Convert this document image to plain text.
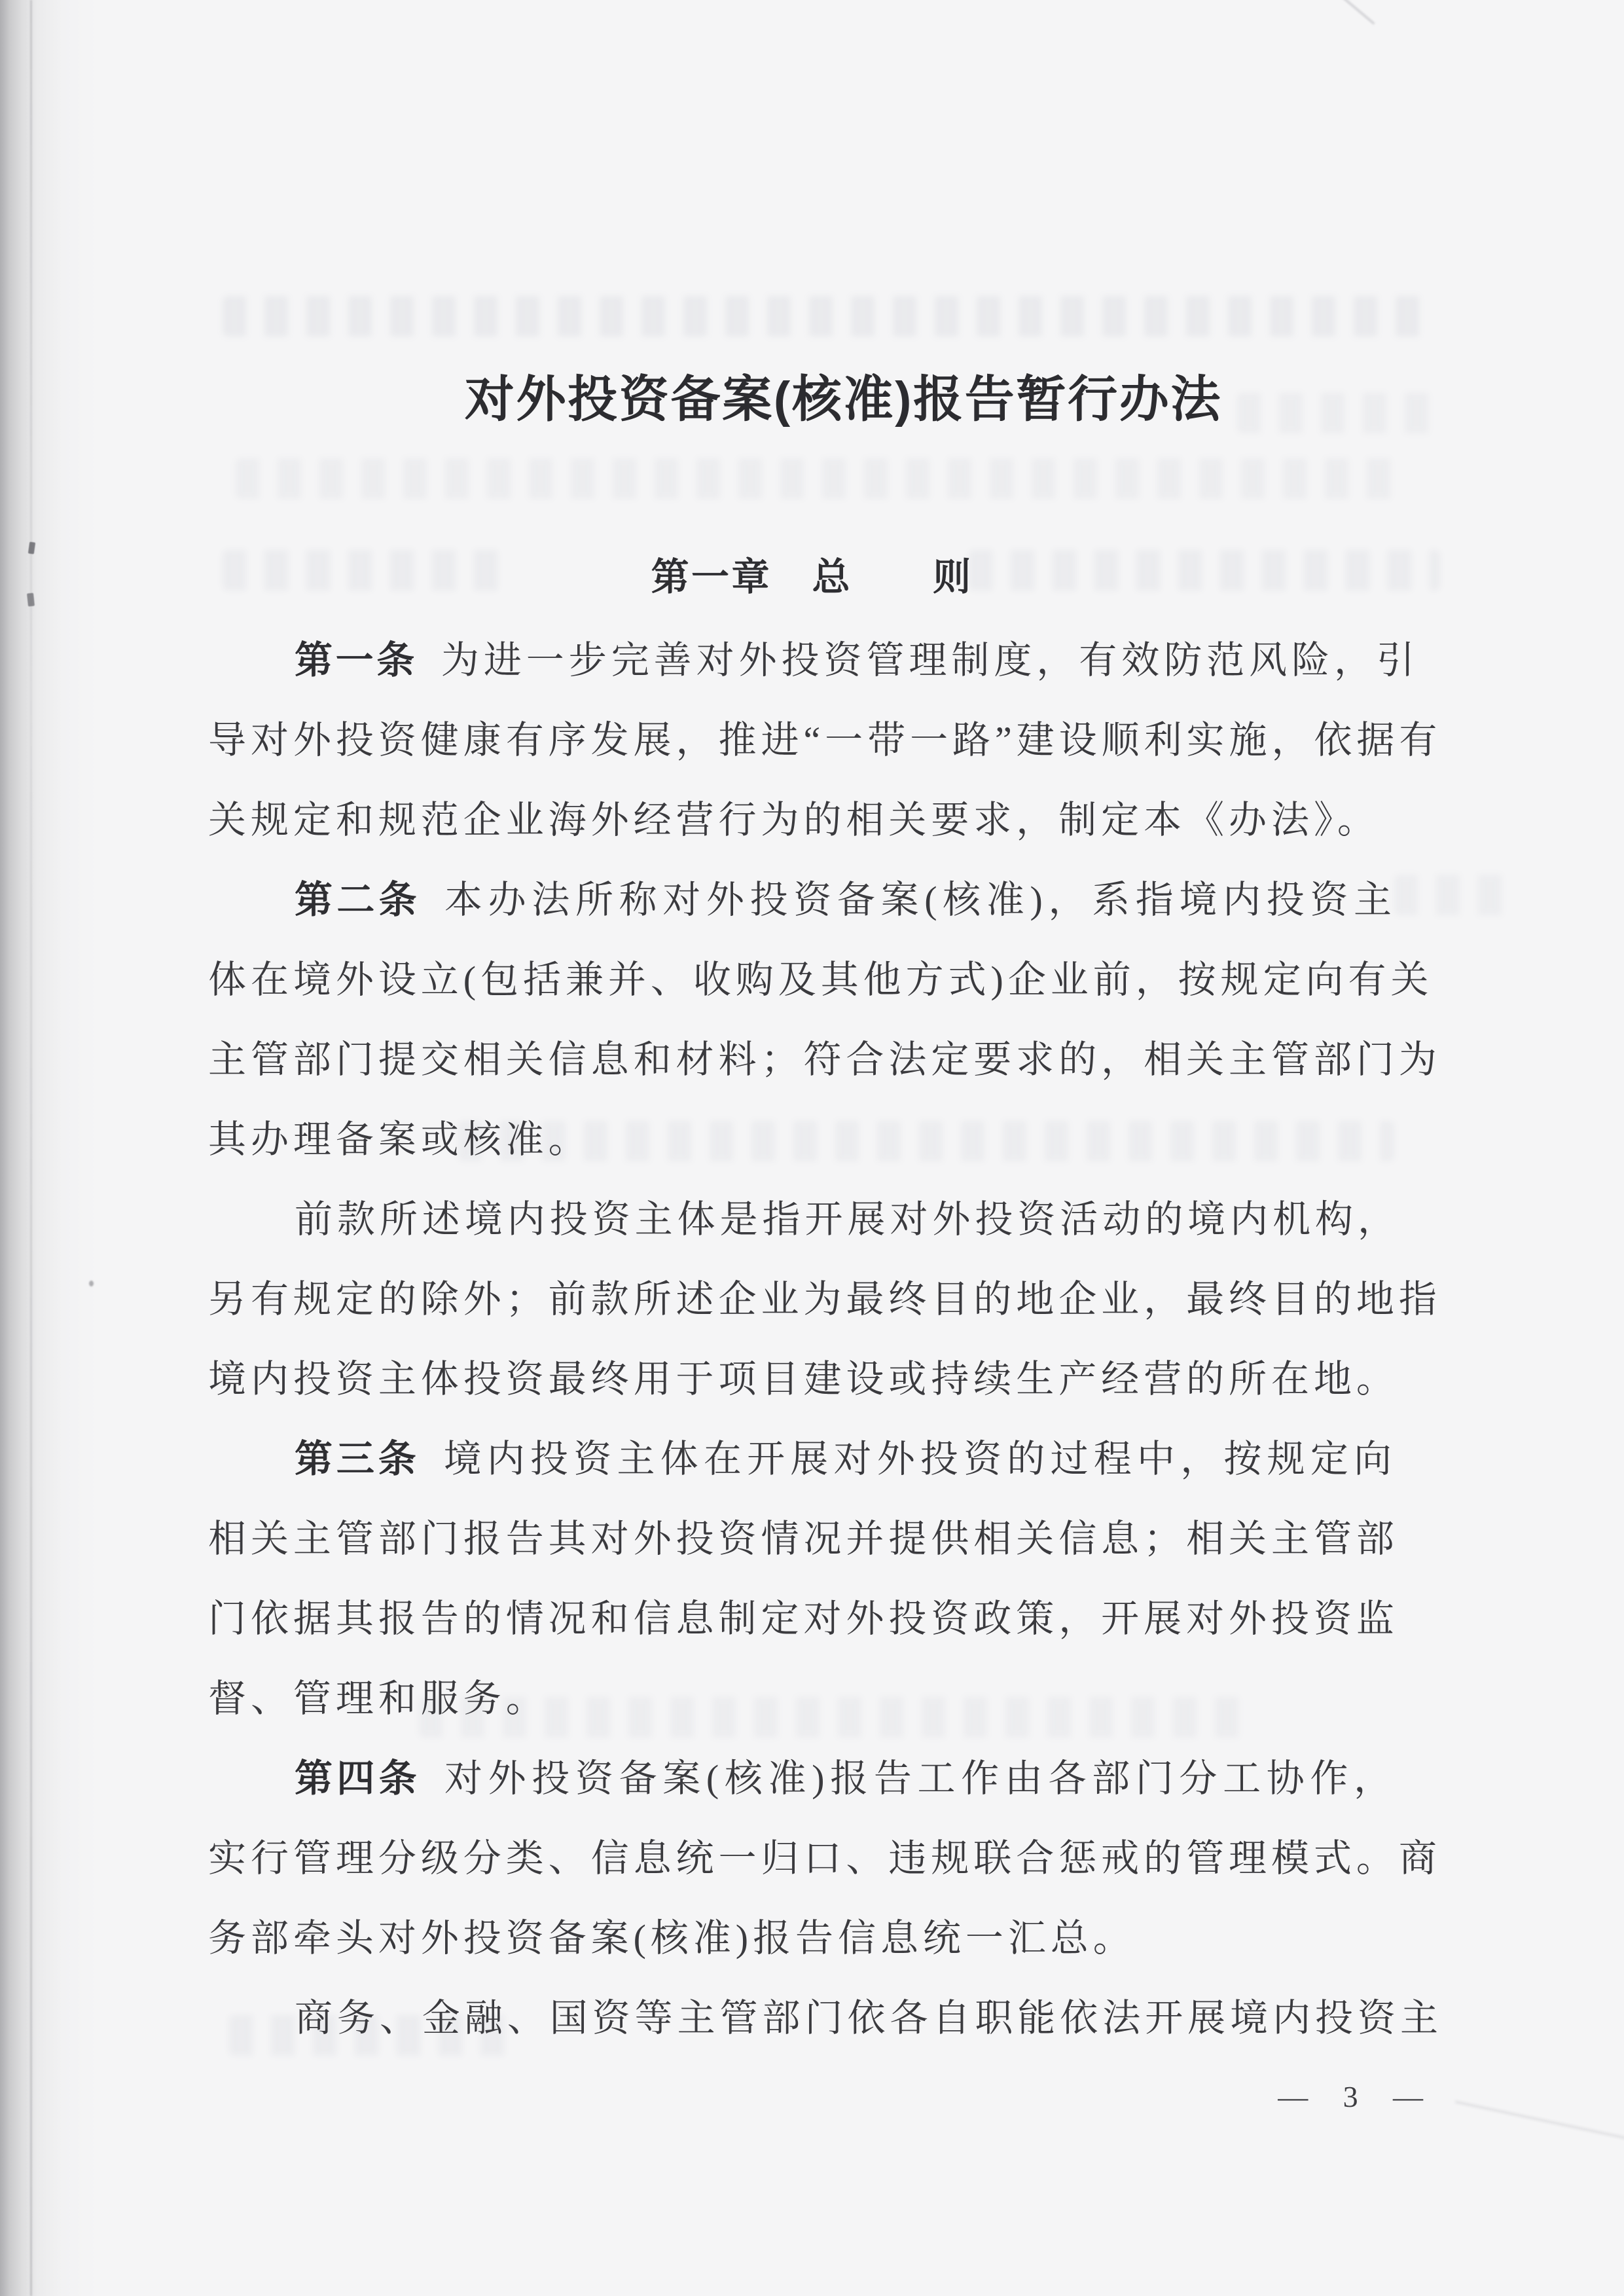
对外投资备案(核准)报告暂行办法
第一章　总　　则
第一条 为进一步完善对外投资管理制度，有效防范风险，引
导对外投资健康有序发展，推进“一带一路”建设顺利实施，依据有
关规定和规范企业海外经营行为的相关要求，制定本《办法》。
第二条 本办法所称对外投资备案(核准)，系指境内投资主
体在境外设立(包括兼并、收购及其他方式)企业前，按规定向有关
主管部门提交相关信息和材料；符合法定要求的，相关主管部门为
其办理备案或核准。
前款所述境内投资主体是指开展对外投资活动的境内机构，
另有规定的除外；前款所述企业为最终目的地企业，最终目的地指
境内投资主体投资最终用于项目建设或持续生产经营的所在地。
第三条 境内投资主体在开展对外投资的过程中，按规定向
相关主管部门报告其对外投资情况并提供相关信息；相关主管部
门依据其报告的情况和信息制定对外投资政策，开展对外投资监
督、管理和服务。
第四条 对外投资备案(核准)报告工作由各部门分工协作，
实行管理分级分类、信息统一归口、违规联合惩戒的管理模式。商
务部牵头对外投资备案(核准)报告信息统一汇总。
商务、金融、国资等主管部门依各自职能依法开展境内投资主
—　3　—
